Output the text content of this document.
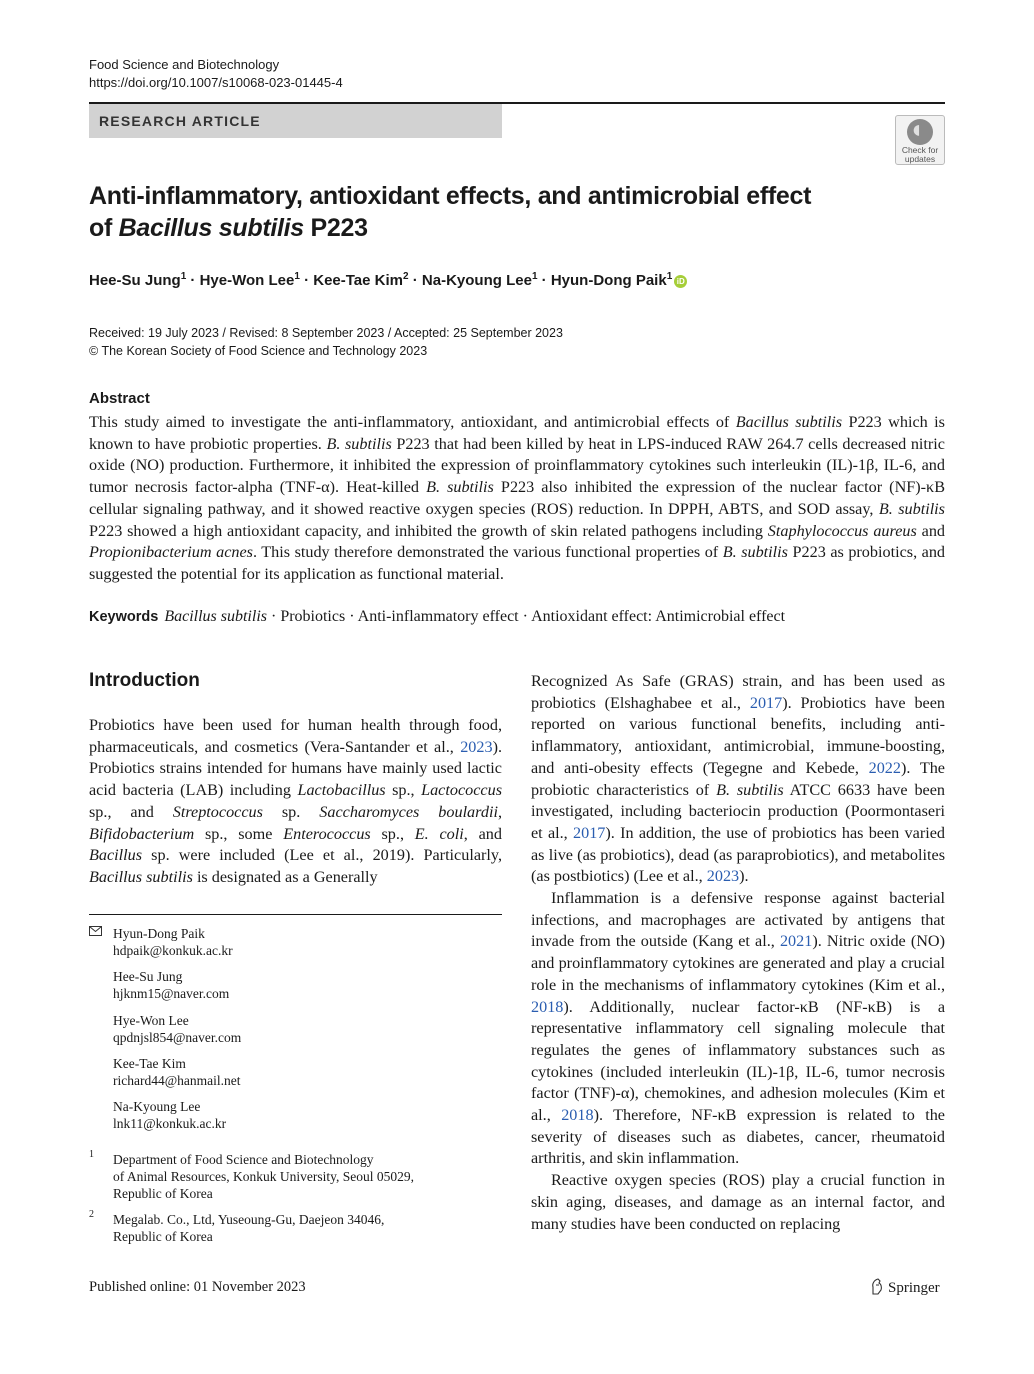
Food Science and Biotechnology
https://doi.org/10.1007/s10068-023-01445-4
RESEARCH ARTICLE
◖
Check for
updates
Anti-inflammatory, antioxidant effects, and antimicrobial effect
of Bacillus subtilis P223
Hee-Su Jung$^1$ · Hye-Won Lee$^1$ · Kee-Tae Kim$^2$ · Na-Kyoung Lee$^1$ · Hyun-Dong Paik$^1$ iD
Received: 19 July 2023 / Revised: 8 September 2023 / Accepted: 25 September 2023
© The Korean Society of Food Science and Technology 2023
Abstract
This study aimed to investigate the anti-inflammatory, antioxidant, and antimicrobial effects of Bacillus subtilis P223 which is known to have probiotic properties. B. subtilis P223 that had been killed by heat in LPS-induced RAW 264.7 cells decreased nitric oxide (NO) production. Furthermore, it inhibited the expression of proinflammatory cytokines such interleukin (IL)-1β, IL-6, and tumor necrosis factor-alpha (TNF-α). Heat-killed B. subtilis P223 also inhibited the expression of the nuclear factor (NF)-κB cellular signaling pathway, and it showed reactive oxygen species (ROS) reduction. In DPPH, ABTS, and SOD assay, B. subtilis P223 showed a high antioxidant capacity, and inhibited the growth of skin related pathogens including Staphylococcus aureus and Propionibacterium acnes. This study therefore demonstrated the various functional properties of B. subtilis P223 as probiotics, and suggested the potential for its application as functional material.
Keywords Bacillus subtilis · Probiotics · Anti-inflammatory effect · Antioxidant effect: Antimicrobial effect
Introduction
Probiotics have been used for human health through food, pharmaceuticals, and cosmetics (Vera-Santander et al., 2023). Probiotics strains intended for humans have mainly used lactic acid bacteria (LAB) including Lactobacillus sp., Lactococcus sp., and Streptococcus sp. Saccharomyces boulardii, Bifidobacterium sp., some Enterococcus sp., E. coli, and Bacillus sp. were included (Lee et al., 2019). Particularly, Bacillus subtilis is designated as a Generally

Recognized As Safe (GRAS) strain, and has been used as probiotics (Elshaghabee et al., 2017). Probiotics have been reported on various functional benefits, including anti-inflammatory, antioxidant, antimicrobial, immune-boosting, and anti-obesity effects (Tegegne and Kebede, 2022). The probiotic characteristics of B. subtilis ATCC 6633 have been investigated, including bacteriocin production (Poormontaseri et al., 2017). In addition, the use of probiotics has been varied as live (as probiotics), dead (as paraprobiotics), and metabolites (as postbiotics) (Lee et al., 2023).

Inflammation is a defensive response against bacterial infections, and macrophages are activated by antigens that invade from the outside (Kang et al., 2021). Nitric oxide (NO) and proinflammatory cytokines are generated and play a crucial role in the mechanisms of inflammatory cytokines (Kim et al., 2018). Additionally, nuclear factor-κB (NF-κB) is a representative inflammatory cell signaling molecule that regulates the genes of inflammatory substances such as cytokines (included interleukin (IL)-1β, IL-6, tumor necrosis factor (TNF)-α), chemokines, and adhesion molecules (Kim et al., 2018). Therefore, NF-κB expression is related to the severity of diseases such as diabetes, cancer, rheumatoid arthritis, and skin inflammation.

Reactive oxygen species (ROS) play a crucial function in skin aging, diseases, and damage as an internal factor, and many studies have been conducted on replacing

Hyun-Dong Paik
hdpaik@konkuk.ac.kr
Hee-Su Jung
hjknm15@naver.com
Hye-Won Lee
qpdnjsl854@naver.com
Kee-Tae Kim
richard44@hanmail.net
Na-Kyoung Lee
lnk11@konkuk.ac.kr
1 Department of Food Science and Biotechnology
of Animal Resources, Konkuk University, Seoul 05029,
Republic of Korea
2 Megalab. Co., Ltd, Yuseoung-Gu, Daejeon 34046,
Republic of Korea
Published online: 01 November 2023	Springer
